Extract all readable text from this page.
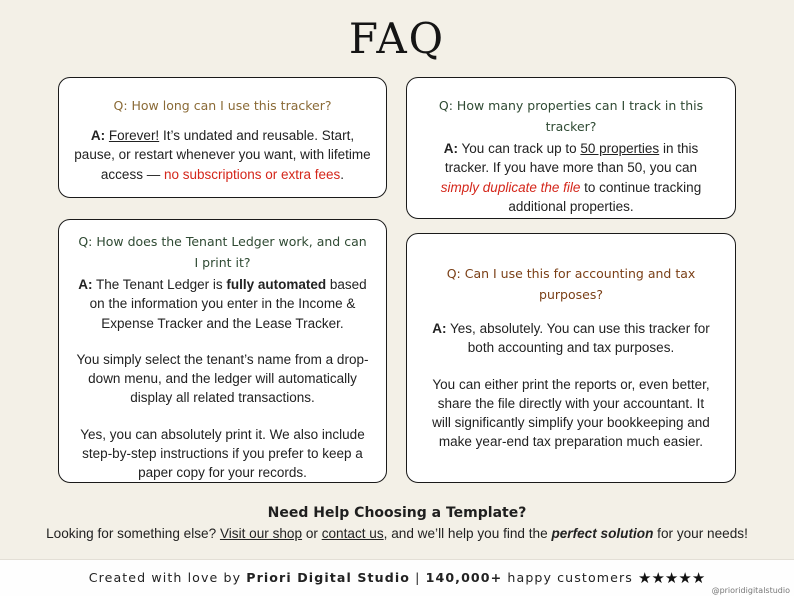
FAQ
Q: How long can I use this tracker?

A: Forever! It’s undated and reusable. Start, pause, or restart whenever you want, with lifetime access — no subscriptions or extra fees.

Q: How many properties can I track in this tracker?

A: You can track up to 50 properties in this tracker. If you have more than 50, you can simply duplicate the file to continue tracking additional properties.

Q: How does the Tenant Ledger work, and can I print it?

A: The Tenant Ledger is fully automated based on the information you enter in the Income & Expense Tracker and the Lease Tracker.

You simply select the tenant’s name from a drop-down menu, and the ledger will automatically display all related transactions.

Yes, you can absolutely print it. We also include step-by-step instructions if you prefer to keep a paper copy for your records.

Q: Can I use this for accounting and tax purposes?

A: Yes, absolutely. You can use this tracker for both accounting and tax purposes.

You can either print the reports or, even better, share the file directly with your accountant. It will significantly simplify your bookkeeping and make year-end tax preparation much easier.

Need Help Choosing a Template?
Looking for something else? Visit our shop or contact us, and we’ll help you find the perfect solution for your needs!
Created with love by Priori Digital Studio | 140,000+ happy customers ★★★★★
@prioridigitalstudio
